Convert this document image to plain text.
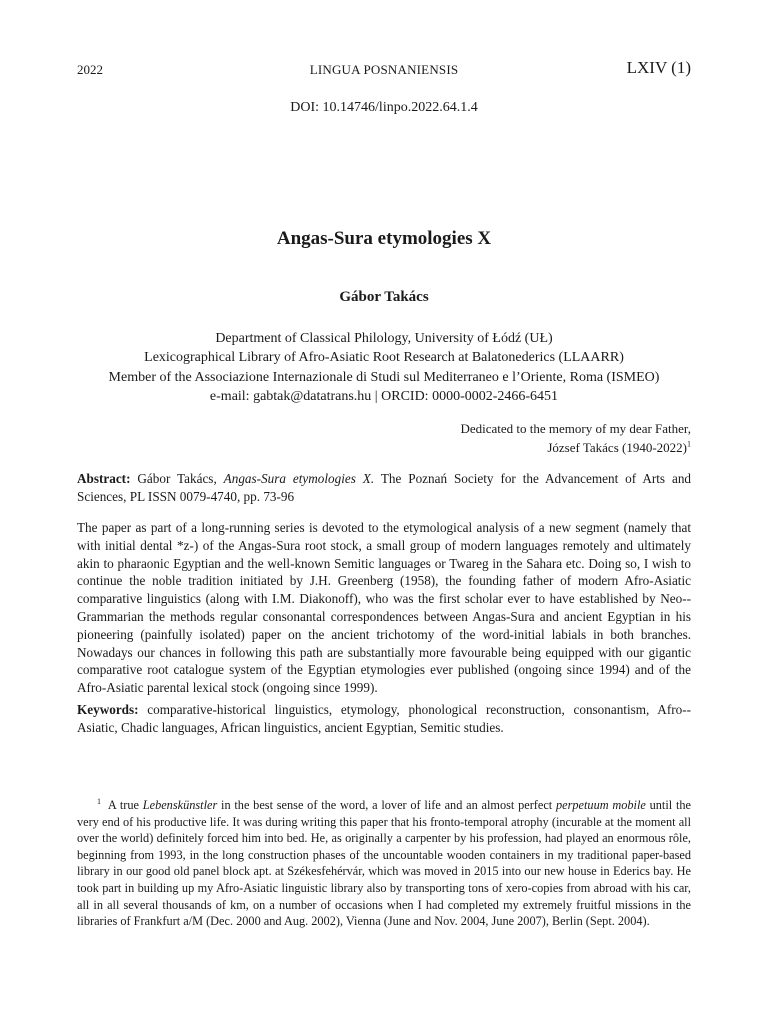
2022	LINGUA POSNANIENSIS	LXIV (1)
DOI: 10.14746/linpo.2022.64.1.4
Angas-Sura etymologies X
Gábor Takács
Department of Classical Philology, University of Łódź (UŁ)
Lexicographical Library of Afro-Asiatic Root Research at Balatonederics (LLAARR)
Member of the Associazione Internazionale di Studi sul Mediterraneo e l’Oriente, Roma (ISMEO)
e-mail: gabtak@datatrans.hu | ORCID: 0000-0002-2466-6451
Dedicated to the memory of my dear Father,
József Takács (1940-2022)$^1$
Abstract: Gábor Takács, Angas-Sura etymologies X. The Poznań Society for the Advancement of Arts and Sciences, PL ISSN 0079-4740, pp. 73-96
The paper as part of a long-running series is devoted to the etymological analysis of a new segment (namely that with initial dental *z-) of the Angas-Sura root stock, a small group of modern languages remotely and ultimately akin to pharaonic Egyptian and the well-known Semitic languages or Twareg in the Sahara etc. Doing so, I wish to continue the noble tradition initiated by J.H. Greenberg (1958), the founding father of modern Afro-Asiatic comparative linguistics (along with I.M. Diakonoff), who was the first scholar ever to have established by Neo--Grammarian the methods regular consonantal correspondences between Angas-Sura and ancient Egyptian in his pioneering (painfully isolated) paper on the ancient trichotomy of the word-initial labials in both branches. Nowadays our chances in following this path are substantially more favourable being equipped with our gigantic comparative root catalogue system of the Egyptian etymologies ever published (ongoing since 1994) and of the Afro-Asiatic parental lexical stock (ongoing since 1999).
Keywords: comparative-historical linguistics, etymology, phonological reconstruction, consonantism, Afro--Asiatic, Chadic languages, African linguistics, ancient Egyptian, Semitic studies.
$^1$ A true Lebenskünstler in the best sense of the word, a lover of life and an almost perfect perpetuum mobile until the very end of his productive life. It was during writing this paper that his fronto-temporal atrophy (incurable at the moment all over the world) definitely forced him into bed. He, as originally a carpenter by his profession, had played an enormous rôle, beginning from 1993, in the long construction phases of the uncountable wooden containers in my traditional paper-based library in our good old panel block apt. at Székesfehérvár, which was moved in 2015 into our new house in Ederics bay. He took part in building up my Afro-Asiatic linguistic library also by transporting tons of xero-copies from abroad with his car, all in all several thousands of km, on a number of occasions when I had completed my extremely fruitful missions in the libraries of Frankfurt a/M (Dec. 2000 and Aug. 2002), Vienna (June and Nov. 2004, June 2007), Berlin (Sept. 2004).
